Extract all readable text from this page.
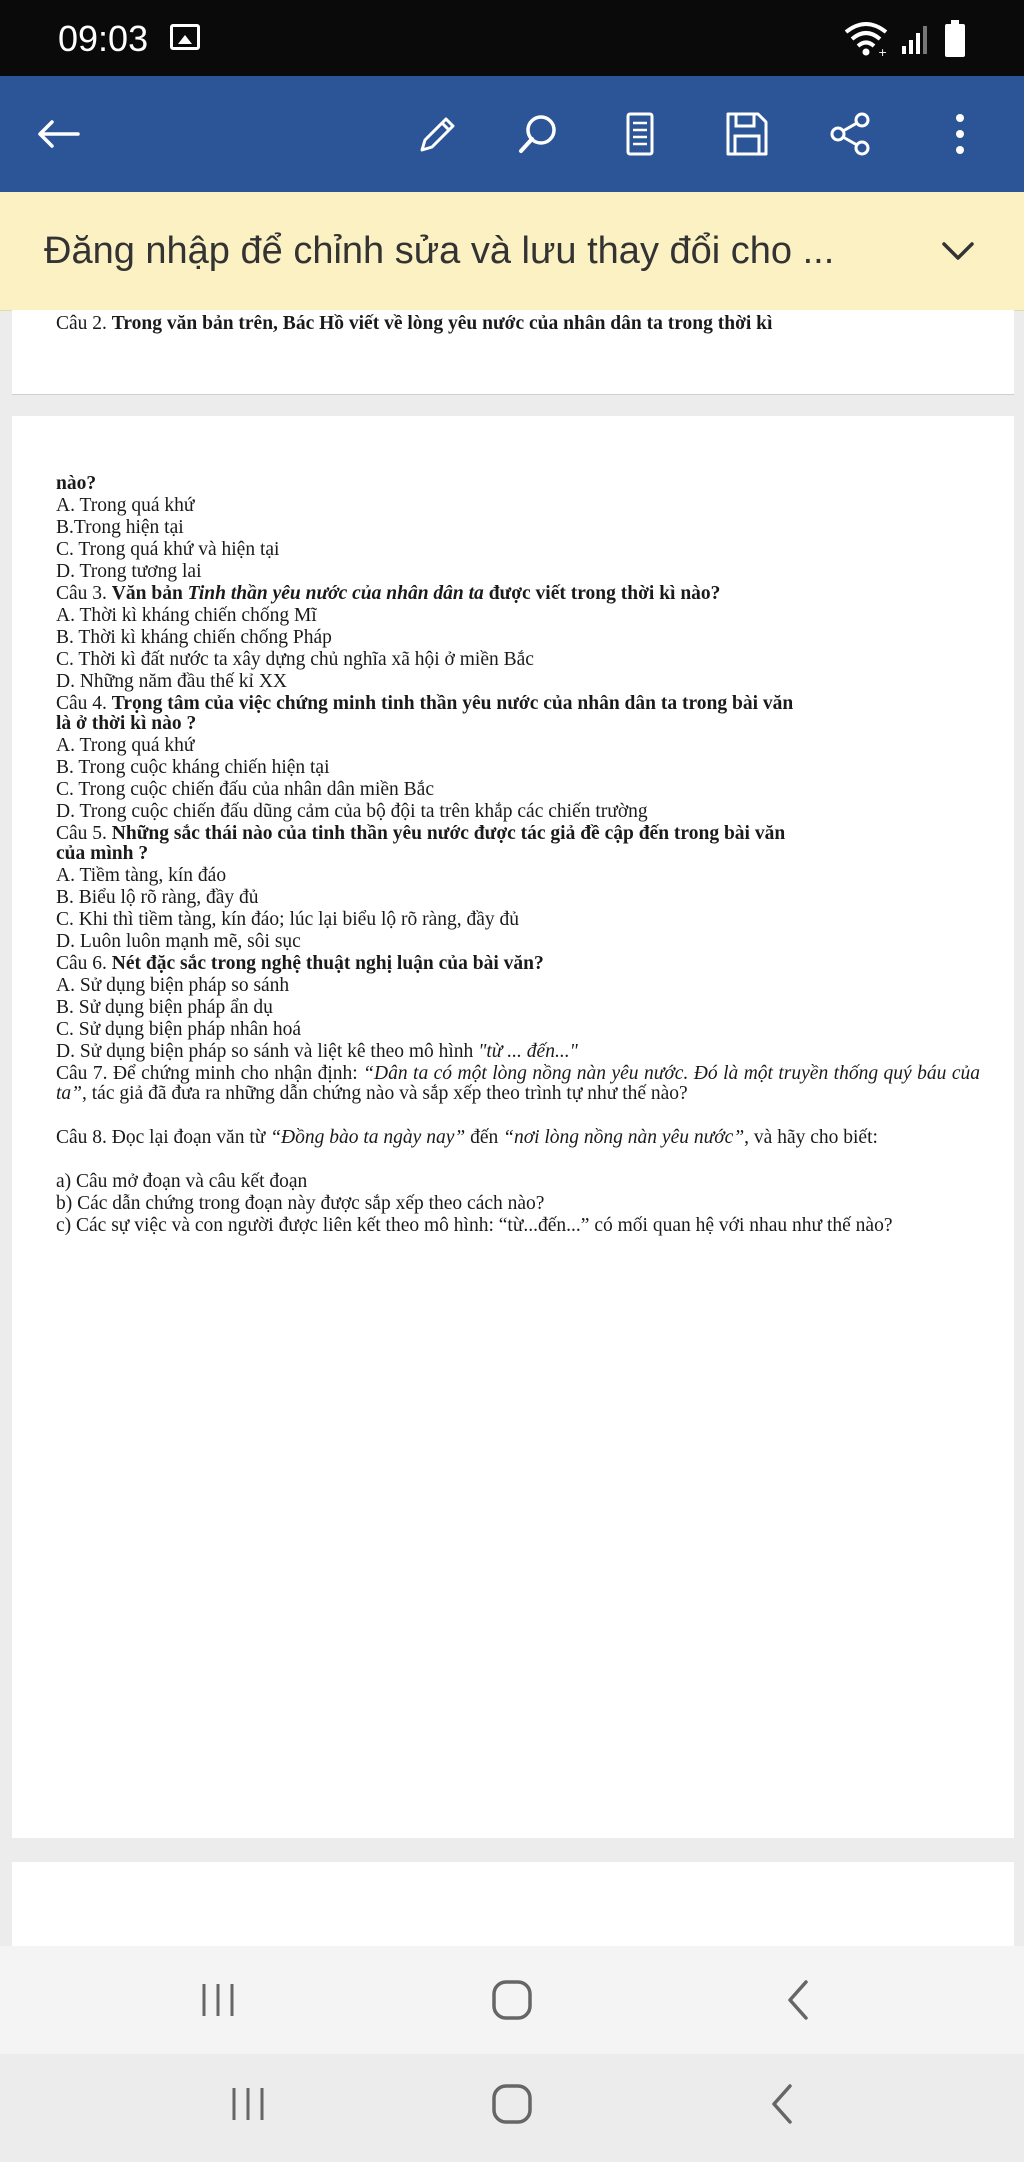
09:03	+
Đăng nhập để chỉnh sửa và lưu thay đổi cho ...
Câu 2. Trong văn bản trên, Bác Hồ viết về lòng yêu nước của nhân dân ta trong thời kì
nào?
A. Trong quá khứ
B.Trong hiện tại
C. Trong quá khứ và hiện tại
D. Trong tương lai
Câu 3. Văn bản Tinh thần yêu nước của nhân dân ta được viết trong thời kì nào?
A. Thời kì kháng chiến chống Mĩ
B. Thời kì kháng chiến chống Pháp
C. Thời kì đất nước ta xây dựng chủ nghĩa xã hội ở miền Bắc
D. Những năm đầu thế kỉ XX
Câu 4. Trọng tâm của việc chứng minh tinh thần yêu nước của nhân dân ta trong bài văn
là ở thời kì nào ?
A. Trong quá khứ
B. Trong cuộc kháng chiến hiện tại
C. Trong cuộc chiến đấu của nhân dân miền Bắc
D. Trong cuộc chiến đấu dũng cảm của bộ đội ta trên khắp các chiến trường
Câu 5. Những sắc thái nào của tinh thần yêu nước được tác giả đề cập đến trong bài văn
của mình ?
A. Tiềm tàng, kín đáo
B. Biểu lộ rõ ràng, đầy đủ
C. Khi thì tiềm tàng, kín đáo; lúc lại biểu lộ rõ ràng, đầy đủ
D. Luôn luôn mạnh mẽ, sôi sục
Câu 6. Nét đặc sắc trong nghệ thuật nghị luận của bài văn?
A. Sử dụng biện pháp so sánh
B. Sử dụng biện pháp ẩn dụ
C. Sử dụng biện pháp nhân hoá
D. Sử dụng biện pháp so sánh và liệt kê theo mô hình "từ ... đến..."
Câu 7. Để chứng minh cho nhận định: “Dân ta có một lòng nồng nàn yêu nước. Đó là một truyền thống quý báu của ta”, tác giả đã đưa ra những dẫn chứng nào và sắp xếp theo trình tự như thế nào?
Câu 8. Đọc lại đoạn văn từ “Đồng bào ta ngày nay” đến “nơi lòng nồng nàn yêu nước”, và hãy cho biết:
a) Câu mở đoạn và câu kết đoạn
b) Các dẫn chứng trong đoạn này được sắp xếp theo cách nào?
c) Các sự việc và con người được liên kết theo mô hình: “từ...đến...” có mối quan hệ với nhau như thế nào?
